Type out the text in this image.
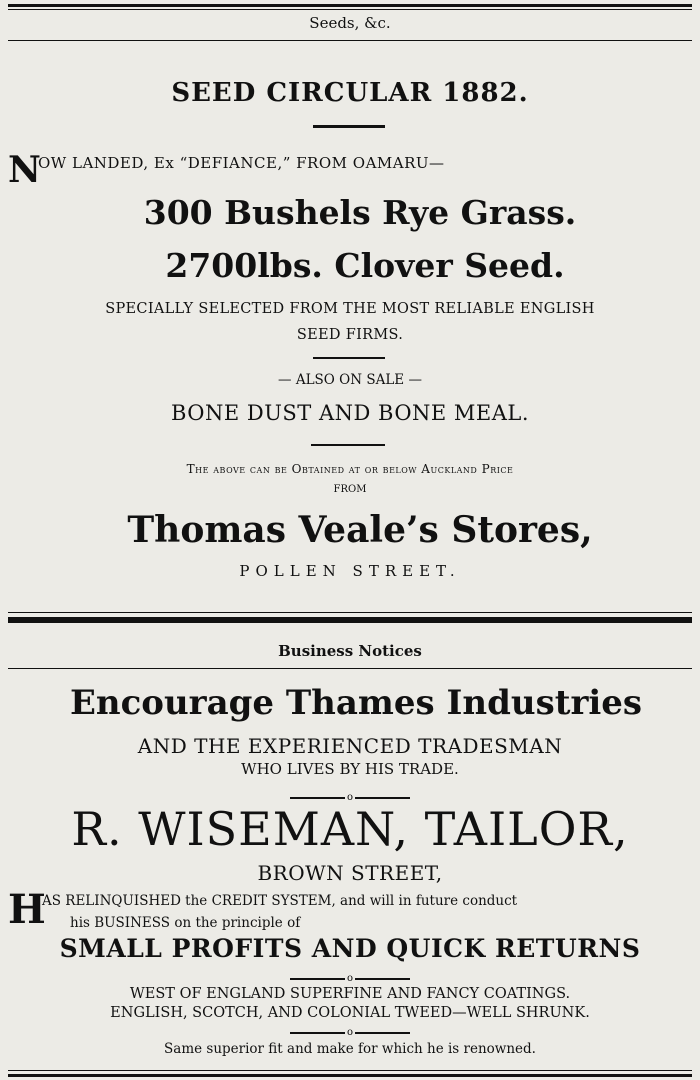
Seeds, &c.
SEED CIRCULAR 1882.
N
OW LANDED, Ex “DEFIANCE,” FROM OAMARU—
300 Bushels Rye Grass.
2700lbs. Clover Seed.
SPECIALLY SELECTED FROM THE MOST RELIABLE ENGLISH
SEED FIRMS.
— ALSO ON SALE —
BONE DUST AND BONE MEAL.
The above can be Obtained at or below Auckland Price
FROM
Thomas Veale’s Stores,
POLLEN STREET.
Business Notices
Encourage Thames Industries
AND THE EXPERIENCED TRADESMAN
WHO LIVES BY HIS TRADE.
o
R. WISEMAN, TAILOR,
BROWN STREET,
H
AS RELINQUISHED the CREDIT SYSTEM, and will in future conduct
his BUSINESS on the principle of
SMALL PROFITS AND QUICK RETURNS
o
WEST OF ENGLAND SUPERFINE AND FANCY COATINGS.
ENGLISH, SCOTCH, AND COLONIAL TWEED—WELL SHRUNK.
o
Same superior fit and make for which he is renowned.
